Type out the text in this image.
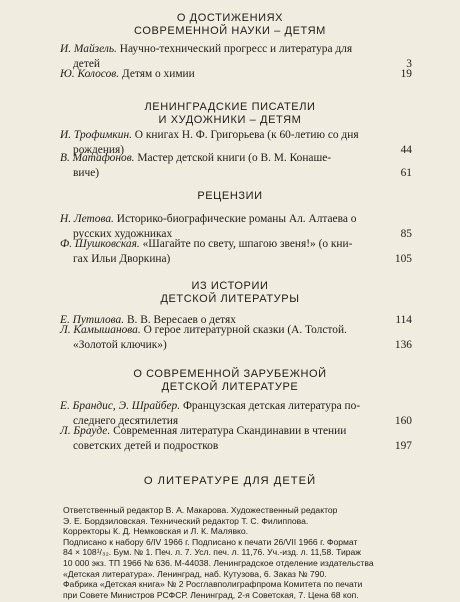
О ДОСТИЖЕНИЯХ
СОВРЕМЕННОЙ НАУКИ – ДЕТЯМ
И. Майзель. Научно-технический прогресс и литература для
детей	3
Ю. Колосов. Детям о химии	19
ЛЕНИНГРАДСКИЕ ПИСАТЕЛИ
И ХУДОЖНИКИ – ДЕТЯМ
И. Трофимкин. О книгах Н. Ф. Григорьева (к 60-летию со дня
рождения)	44
В. Матафонов. Мастер детской книги (о В. М. Конаше-
виче)	61
РЕЦЕНЗИИ
Н. Летова. Историко-биографические романы Ал. Алтаева о
русских художниках	85
Ф. Шушковская. «Шагайте по свету, шпагою звеня!» (о кни-
гах Ильи Дворкина)	105
ИЗ ИСТОРИИ
ДЕТСКОЙ ЛИТЕРАТУРЫ
Е. Путилова. В. В. Вересаев о детях	114
Л. Камышанова. О герое литературной сказки (А. Толстой.
«Золотой ключик»)	136
О СОВРЕМЕННОЙ ЗАРУБЕЖНОЙ
ДЕТСКОЙ ЛИТЕРАТУРЕ
Е. Брандис, Э. Шрайбер. Французская детская литература по-
следнего десятилетия	160
Л. Брауде. Современная литература Скандинавии в чтении
советских детей и подростков	197
О ЛИТЕРАТУРЕ ДЛЯ ДЕТЕЙ
Ответственный редактор В. А. Макарова. Художественный редактор
Э. Е. Бордзиловская. Технический редактор Т. С. Филиппова.
Корректоры К. Д. Немковская и Л. К. Малявко.
Подписано к набору 6/IV 1966 г. Подписано к печати 26/VII 1966 г. Формат
84 × 108¹/₃₂. Бум. № 1. Печ. л. 7. Усл. печ. л. 11,76. Уч.-изд. л. 11,58. Тираж
10 000 экз. ТП 1966 № 636. М-44038. Ленинградское отделение издательства
«Детская литература». Ленинград, наб. Кутузова, 6. Заказ № 790.
Фабрика «Детская книга» № 2 Росглавполиграфпрома Комитета по печати
при Совете Министров РСФСР. Ленинград, 2-я Советская, 7. Цена 68 коп.
